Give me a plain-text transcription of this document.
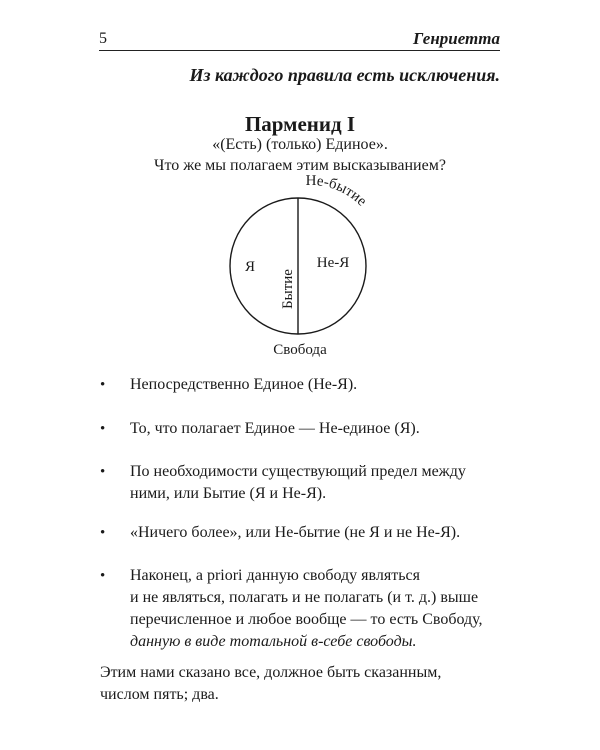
5	Генриетта
Из каждого правила есть исключения.
Парменид I
«(Есть) (только) Единое».
Что же мы полагаем этим высказыванием?
Я	Не-Я
Бытие
Не-бытие
Свобода
•	Непосредственно Единое (Не-Я).
•	То, что полагает Единое — Не-единое (Я).
•	По необходимости существующий предел между
ними, или Бытие (Я и Не-Я).
•	«Ничего более», или Не-бытие (не Я и не Не-Я).
•	Наконец, a priori данную свободу являться
и не являться, полагать и не полагать (и т. д.) выше
перечисленное и любое вообще — то есть Свободу,
данную в виде тотальной в-себе свободы.
Этим нами сказано все, должное быть сказанным,
числом пять; два.
